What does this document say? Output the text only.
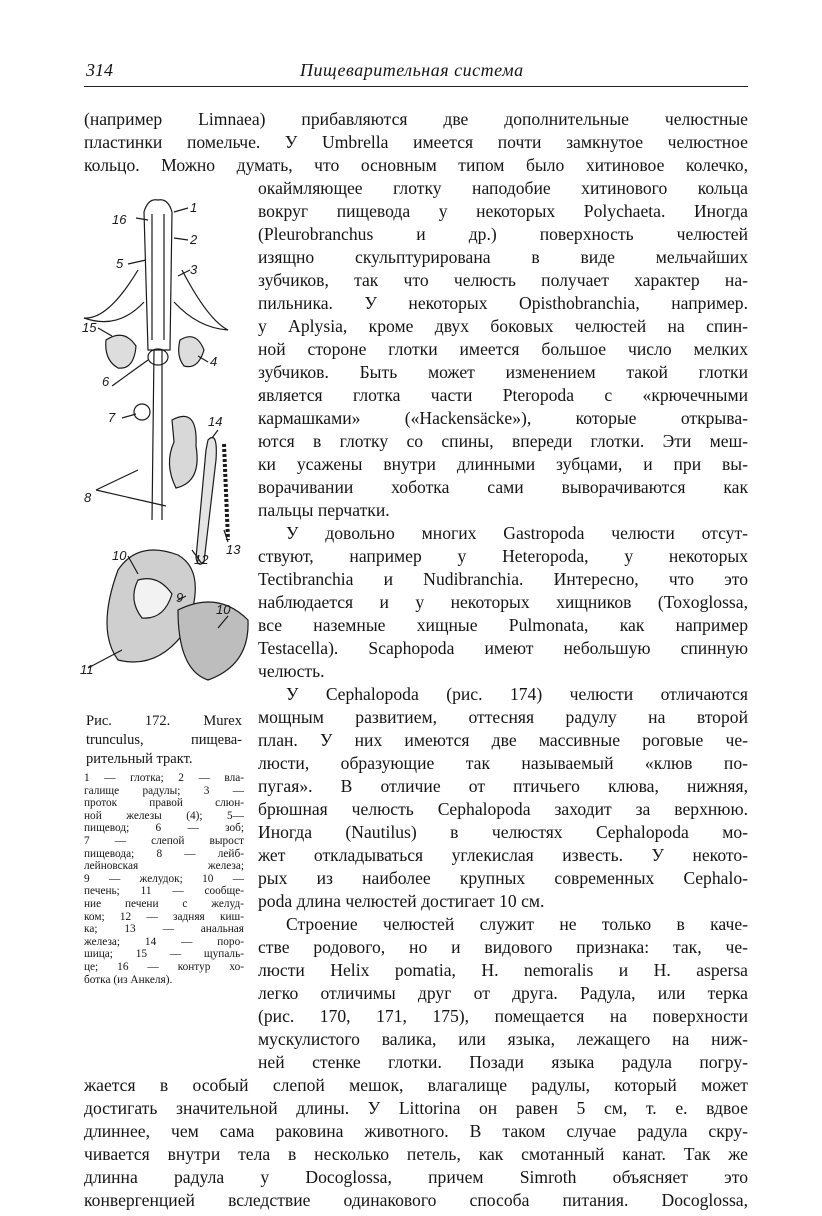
314	Пищеварительная система
(например Limnaea) прибавляются две дополнительные челюстные
пластинки помельче. У Umbrella имеется почти замкнутое челюстное
кольцо. Можно думать, что основным типом было хитиновое колечко,
16
1
2
5	3
15
4
6
7	14
8
13
10	12
9
10
11
Рис. 172. Murex
trunculus, пищева-
рительный тракт.
1 — глотка; 2 — вла-
галище радулы; 3 —
проток правой слюн-
ной железы (4); 5—
пищевод; 6 — зоб;
7 — слепой вырост
пищевода; 8 — лейб-
лейновская железа;
9 — желудок; 10 —
печень; 11 — сообще-
ние печени с желуд-
ком; 12 — задняя киш-
ка; 13 — анальная
железа; 14 — поро-
шица; 15 — щупаль-
це; 16 — контур хо-
ботка (из Анкеля).
окаймляющее глотку наподобие хитинового кольца
вокруг пищевода у некоторых Polychaeta. Иногда
(Pleurobranchus и др.) поверхность челюстей
изящно скульптурирована в виде мельчайших
зубчиков, так что челюсть получает характер на-
пильника. У некоторых Opisthobranchia, например.
у Aplysia, кроме двух боковых челюстей на спин-
ной стороне глотки имеется большое число мелких
зубчиков. Быть может изменением такой глотки
является глотка части Pteropoda с «крючечными
кармашками» («Hackensäcke»), которые открыва-
ются в глотку со спины, впереди глотки. Эти меш-
ки усажены внутри длинными зубцами, и при вы-
ворачивании хоботка сами выворачиваются как
пальцы перчатки.
У довольно многих Gastropoda челюсти отсут-
ствуют, например у Heteropoda, у некоторых
Tectibranchia и Nudibranchia. Интересно, что это
наблюдается и у некоторых хищников (Toxoglossa,
все наземные хищные Pulmonata, как например
Testacella). Scaphopoda имеют небольшую спинную
челюсть.
У Cephalopoda (рис. 174) челюсти отличаются
мощным развитием, оттесняя радулу на второй
план. У них имеются две массивные роговые че-
люсти, образующие так называемый «клюв по-
пугая». В отличие от птичьего клюва, нижняя,
брюшная челюсть Cephalopoda заходит за верхнюю.
Иногда (Nautilus) в челюстях Cephalopoda мо-
жет откладываться углекислая известь. У некото-
рых из наиболее крупных современных Cephalo-
poda длина челюстей достигает 10 см.
Строение челюстей служит не только в каче-
стве родового, но и видового признака: так, че-
люсти Helix pomatia, H. nemoralis и H. aspersa
легко отличимы друг от друга. Радула, или терка
(рис. 170, 171, 175), помещается на поверхности
мускулистого валика, или языка, лежащего на ниж-
ней стенке глотки. Позади языка радула погру-
жается в особый слепой мешок, влагалище радулы, который может
достигать значительной длины. У Littorina он равен 5 см, т. е. вдвое
длиннее, чем сама раковина животного. В таком случае радула скру-
чивается внутри тела в несколько петель, как смотанный канат. Так же
длинна радула у Docoglossa, причем Simroth объясняет это
конвергенцией вследствие одинакового способа питания. Docoglossa,
